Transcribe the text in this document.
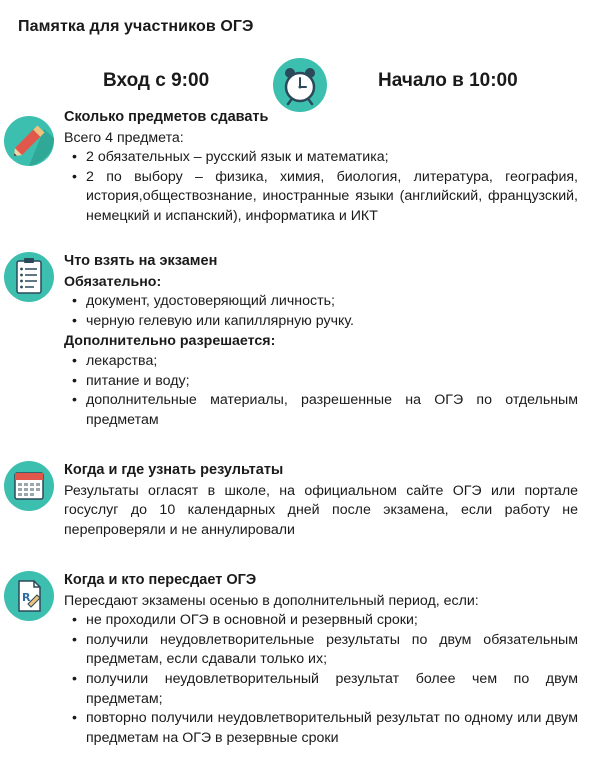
Памятка для участников ОГЭ
Вход с 9:00	Начало в 10:00
Сколько предметов сдавать
Всего 4 предмета:
• 2 обязательных – русский язык и математика;
• 2 по выбору – физика, химия, биология, литература, география, история,обществознание, иностранные языки (английский, французский, немецкий и испанский), информатика и ИКТ
Что взять на экзамен
Обязательно:
• документ, удостоверяющий личность;
• черную гелевую или капиллярную ручку.
Дополнительно разрешается:
• лекарства;
• питание и воду;
• дополнительные материалы, разрешенные на ОГЭ по отдельным предметам
Когда и где узнать результаты
Результаты огласят в школе, на официальном сайте ОГЭ или портале госуслуг до 10 календарных дней после экзамена, если работу не перепроверяли и не аннулировали
R
Когда и кто пересдает ОГЭ
Пересдают экзамены осенью в дополнительный период, если:
• не проходили ОГЭ в основной и резервный сроки;
• получили неудовлетворительные результаты по двум обязательным предметам, если сдавали только их;
• получили неудовлетворительный результат более чем по двум предметам;
• повторно получили неудовлетворительный результат по одному или двум предметам на ОГЭ в резервные сроки
